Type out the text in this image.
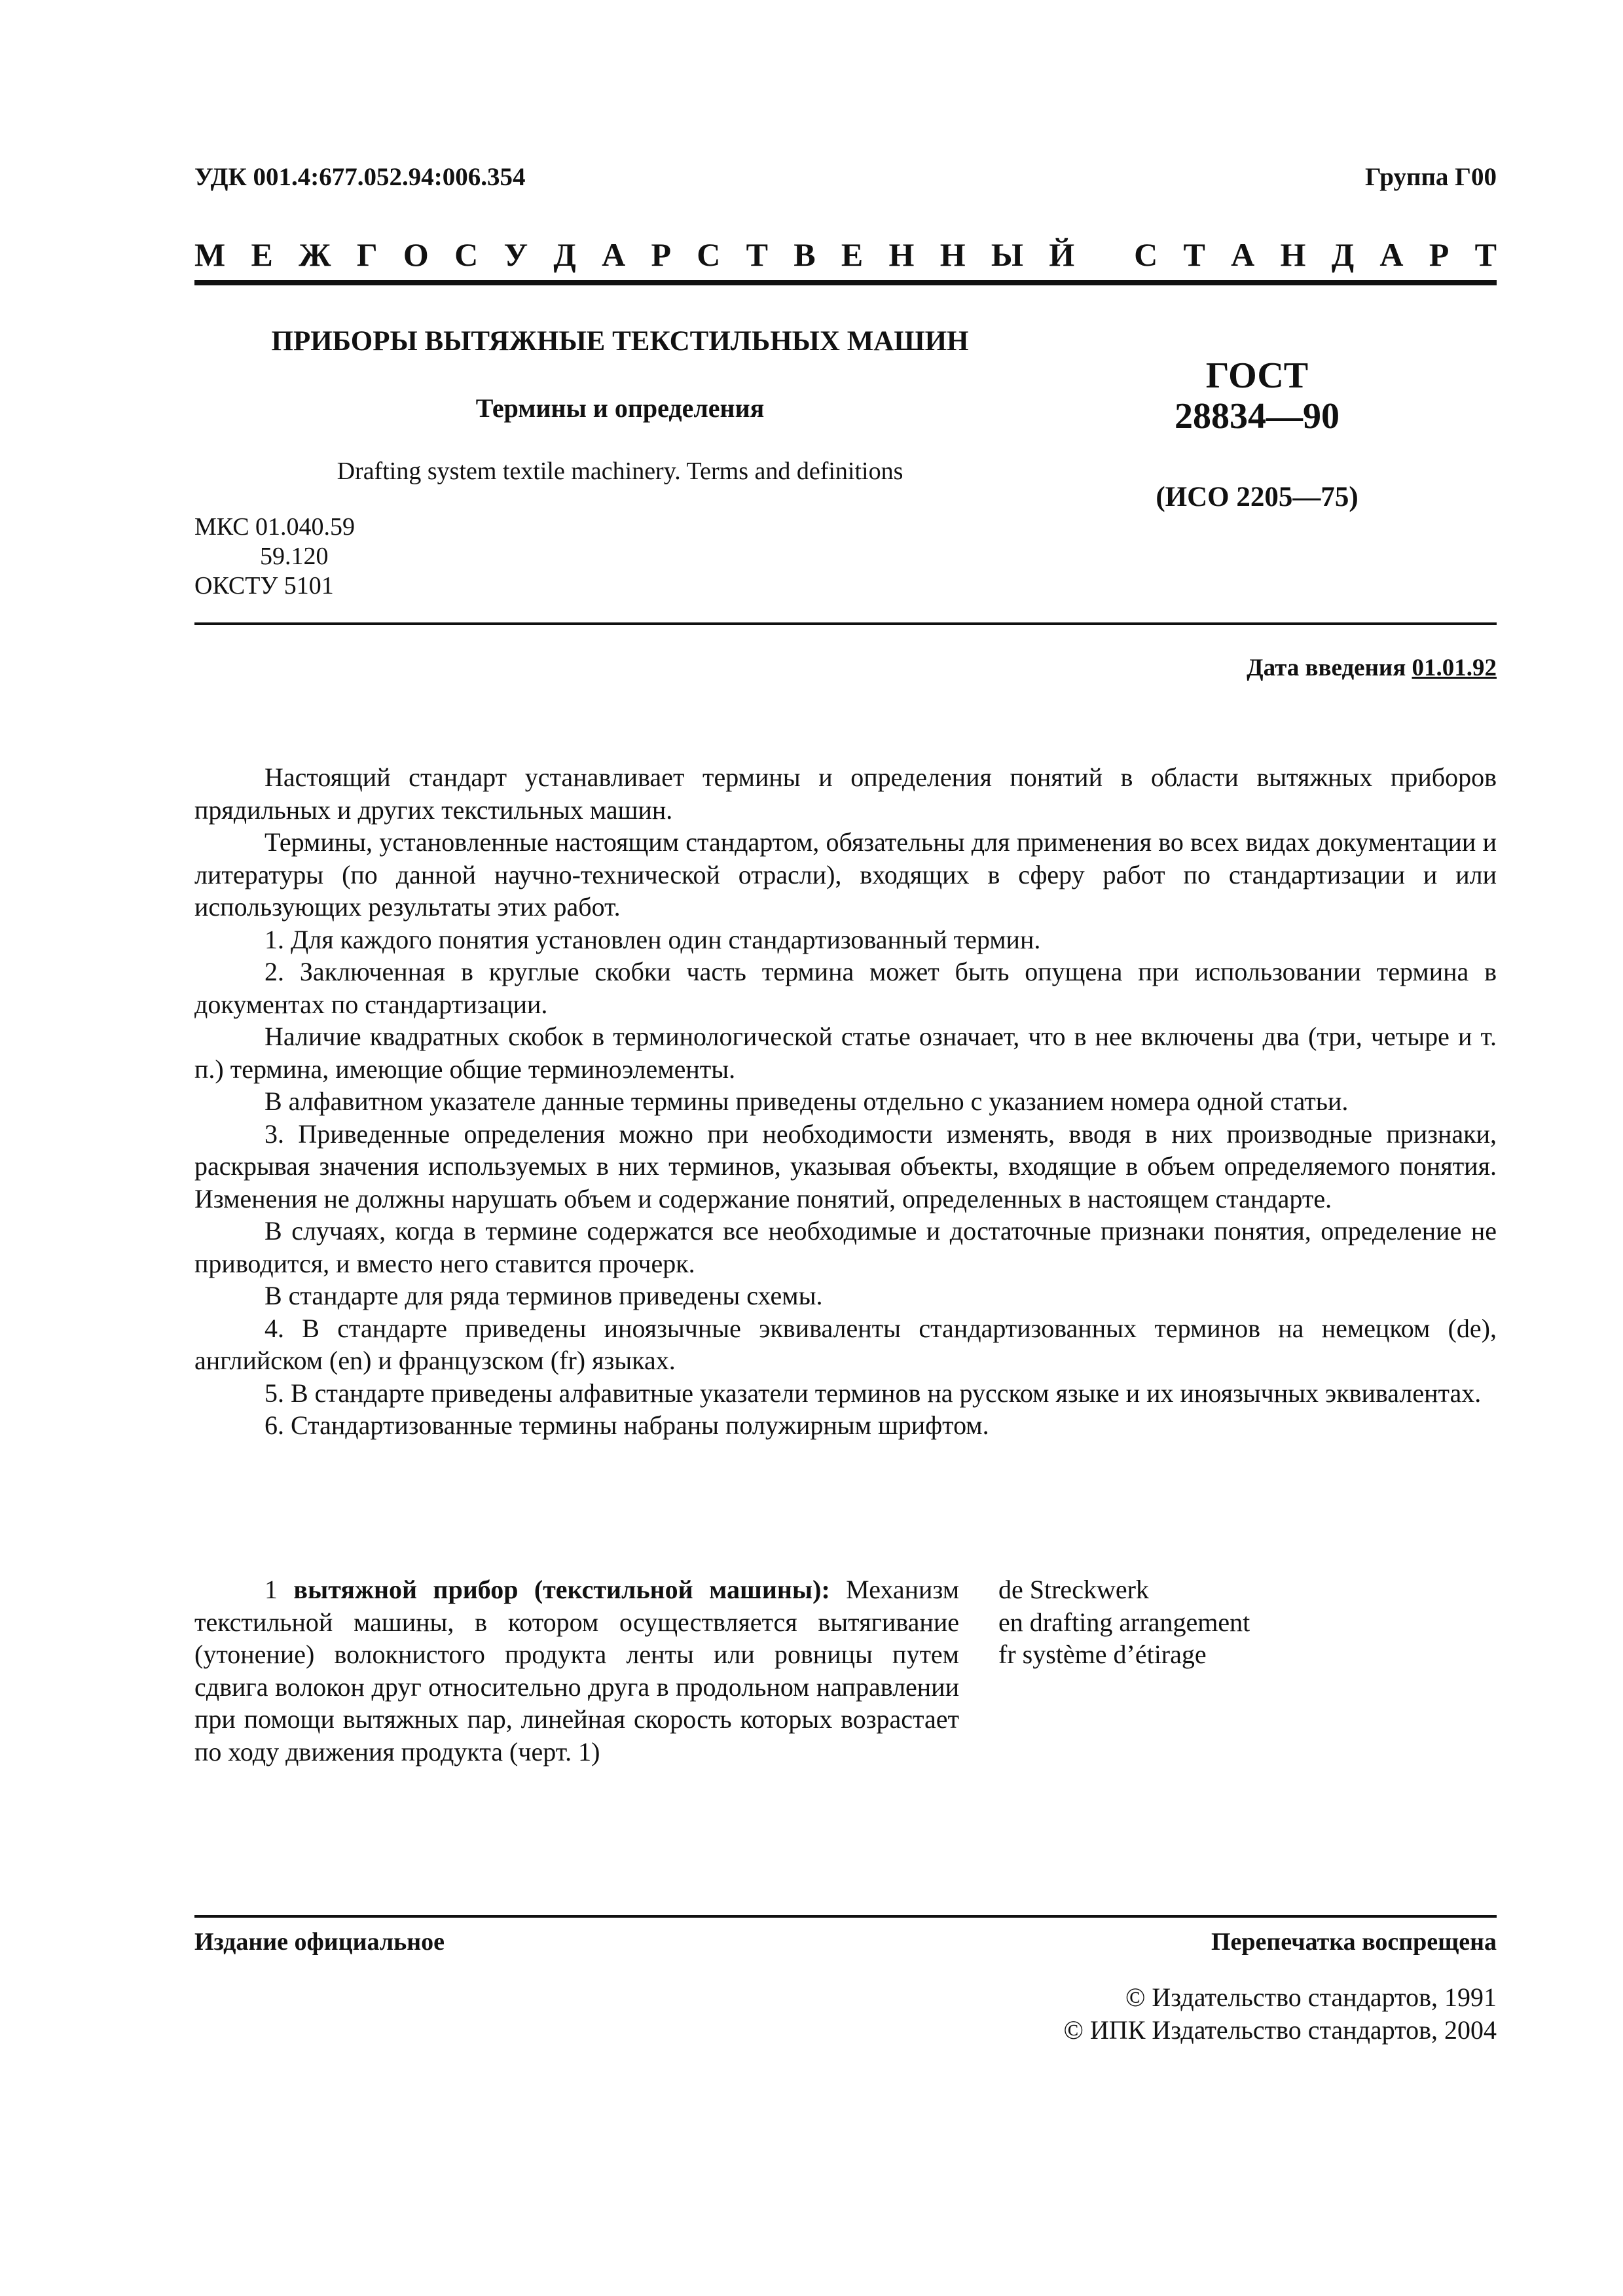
УДК 001.4:677.052.94:006.354	Группа Г00
М Е Ж Г О С У Д А Р С Т В Е Н Н Ы Й
С Т А Н Д А Р Т
ПРИБОРЫ ВЫТЯЖНЫЕ ТЕКСТИЛЬНЫХ МАШИН
Термины и определения
Drafting system textile machinery. Terms and definitions
ГОСТ
28834—90
(ИСО 2205—75)
МКС 01.040.59
59.120
ОКСТУ 5101
Дата введения 01.01.92

Настоящий стандарт устанавливает термины и определения понятий в области вытяжных приборов прядильных и других текстильных машин.

Термины, установленные настоящим стандартом, обязательны для применения во всех видах документации и литературы (по данной научно-технической отрасли), входящих в сферу работ по стандартизации и или использующих результаты этих работ.

1. Для каждого понятия установлен один стандартизованный термин.

2. Заключенная в круглые скобки часть термина может быть опущена при использовании термина в документах по стандартизации.

Наличие квадратных скобок в терминологической статье означает, что в нее включены два (три, четыре и т. п.) термина, имеющие общие терминоэлементы.

В алфавитном указателе данные термины приведены отдельно с указанием номера одной статьи.

3. Приведенные определения можно при необходимости изменять, вводя в них производные признаки, раскрывая значения используемых в них терминов, указывая объекты, входящие в объем определяемого понятия. Изменения не должны нарушать объем и содержание понятий, определенных в настоящем стандарте.

В случаях, когда в термине содержатся все необходимые и достаточные признаки понятия, определение не приводится, и вместо него ставится прочерк.

В стандарте для ряда терминов приведены схемы.

4. В стандарте приведены иноязычные эквиваленты стандартизованных терминов на немецком (de), английском (en) и французском (fr) языках.

5. В стандарте приведены алфавитные указатели терминов на русском языке и их иноязычных эквивалентах.

6. Стандартизованные термины набраны полужирным шрифтом.

1 вытяжной прибор (текстильной машины): Механизм текстильной машины, в котором осуществляется вытягивание (утонение) волокнистого продукта ленты или ровницы путем сдвига волокон друг относительно друга в продольном направлении при помощи вытяжных пар, линейная скорость которых возрастает по ходу движения продукта (черт. 1)

de Streckwerk
en drafting arrangement
fr système d’étirage
Издание официальное	Перепечатка воспрещена
© Издательство стандартов, 1991
© ИПК Издательство стандартов, 2004
